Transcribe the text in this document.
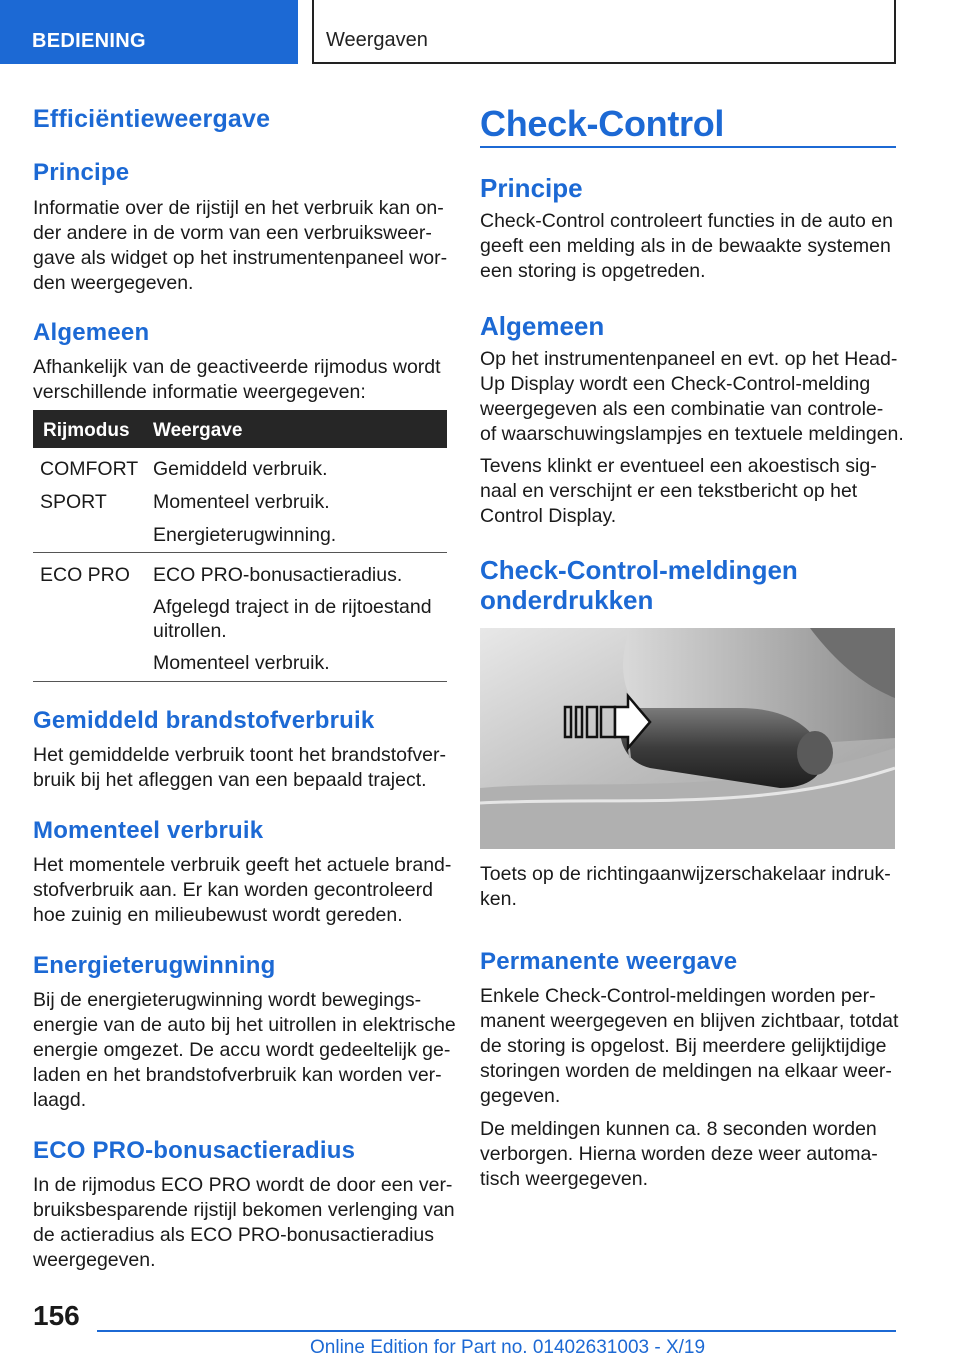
BEDIENING	Weergaven
Efficiëntieweergave
Principe
Informatie over de rijstijl en het verbruik kan on-
der andere in de vorm van een verbruiksweer-
gave als widget op het instrumentenpaneel wor-
den weergegeven.
Algemeen
Afhankelijk van de geactiveerde rijmodus wordt
verschillende informatie weergegeven:
Rijmodus Weergave
COMFORT
SPORT
Gemiddeld verbruik.
Momenteel verbruik.
Energieterugwinning.
ECO PRO ECO PRO-bonusactieradius.
Afgelegd traject in de rijtoestand
uitrollen.
Momenteel verbruik.
Gemiddeld brandstofverbruik
Het gemiddelde verbruik toont het brandstofver-
bruik bij het afleggen van een bepaald traject.
Momenteel verbruik
Het momentele verbruik geeft het actuele brand-
stofverbruik aan. Er kan worden gecontroleerd
hoe zuinig en milieubewust wordt gereden.
Energieterugwinning
Bij de energieterugwinning wordt bewegings-
energie van de auto bij het uitrollen in elektrische
energie omgezet. De accu wordt gedeeltelijk ge-
laden en het brandstofverbruik kan worden ver-
laagd.
ECO PRO-bonusactieradius
In de rijmodus ECO PRO wordt de door een ver-
bruiksbesparende rijstijl bekomen verlenging van
de actieradius als ECO PRO-bonusactieradius
weergegeven.
Check-Control
Principe
Check-Control controleert functies in de auto en
geeft een melding als in de bewaakte systemen
een storing is opgetreden.
Algemeen
Op het instrumentenpaneel en evt. op het Head-
Up Display wordt een Check-Control-melding
weergegeven als een combinatie van controle-
of waarschuwingslampjes en textuele meldingen.
Tevens klinkt er eventueel een akoestisch sig-
naal en verschijnt er een tekstbericht op het
Control Display.
Check-Control-meldingen
onderdrukken
Toets op de richtingaanwijzerschakelaar indruk-
ken.
Permanente weergave
Enkele Check-Control-meldingen worden per-
manent weergegeven en blijven zichtbaar, totdat
de storing is opgelost. Bij meerdere gelijktijdige
storingen worden de meldingen na elkaar weer-
gegeven.
De meldingen kunnen ca. 8 seconden worden
verborgen. Hierna worden deze weer automa-
tisch weergegeven.
156
Online Edition for Part no. 01402631003 - X/19
